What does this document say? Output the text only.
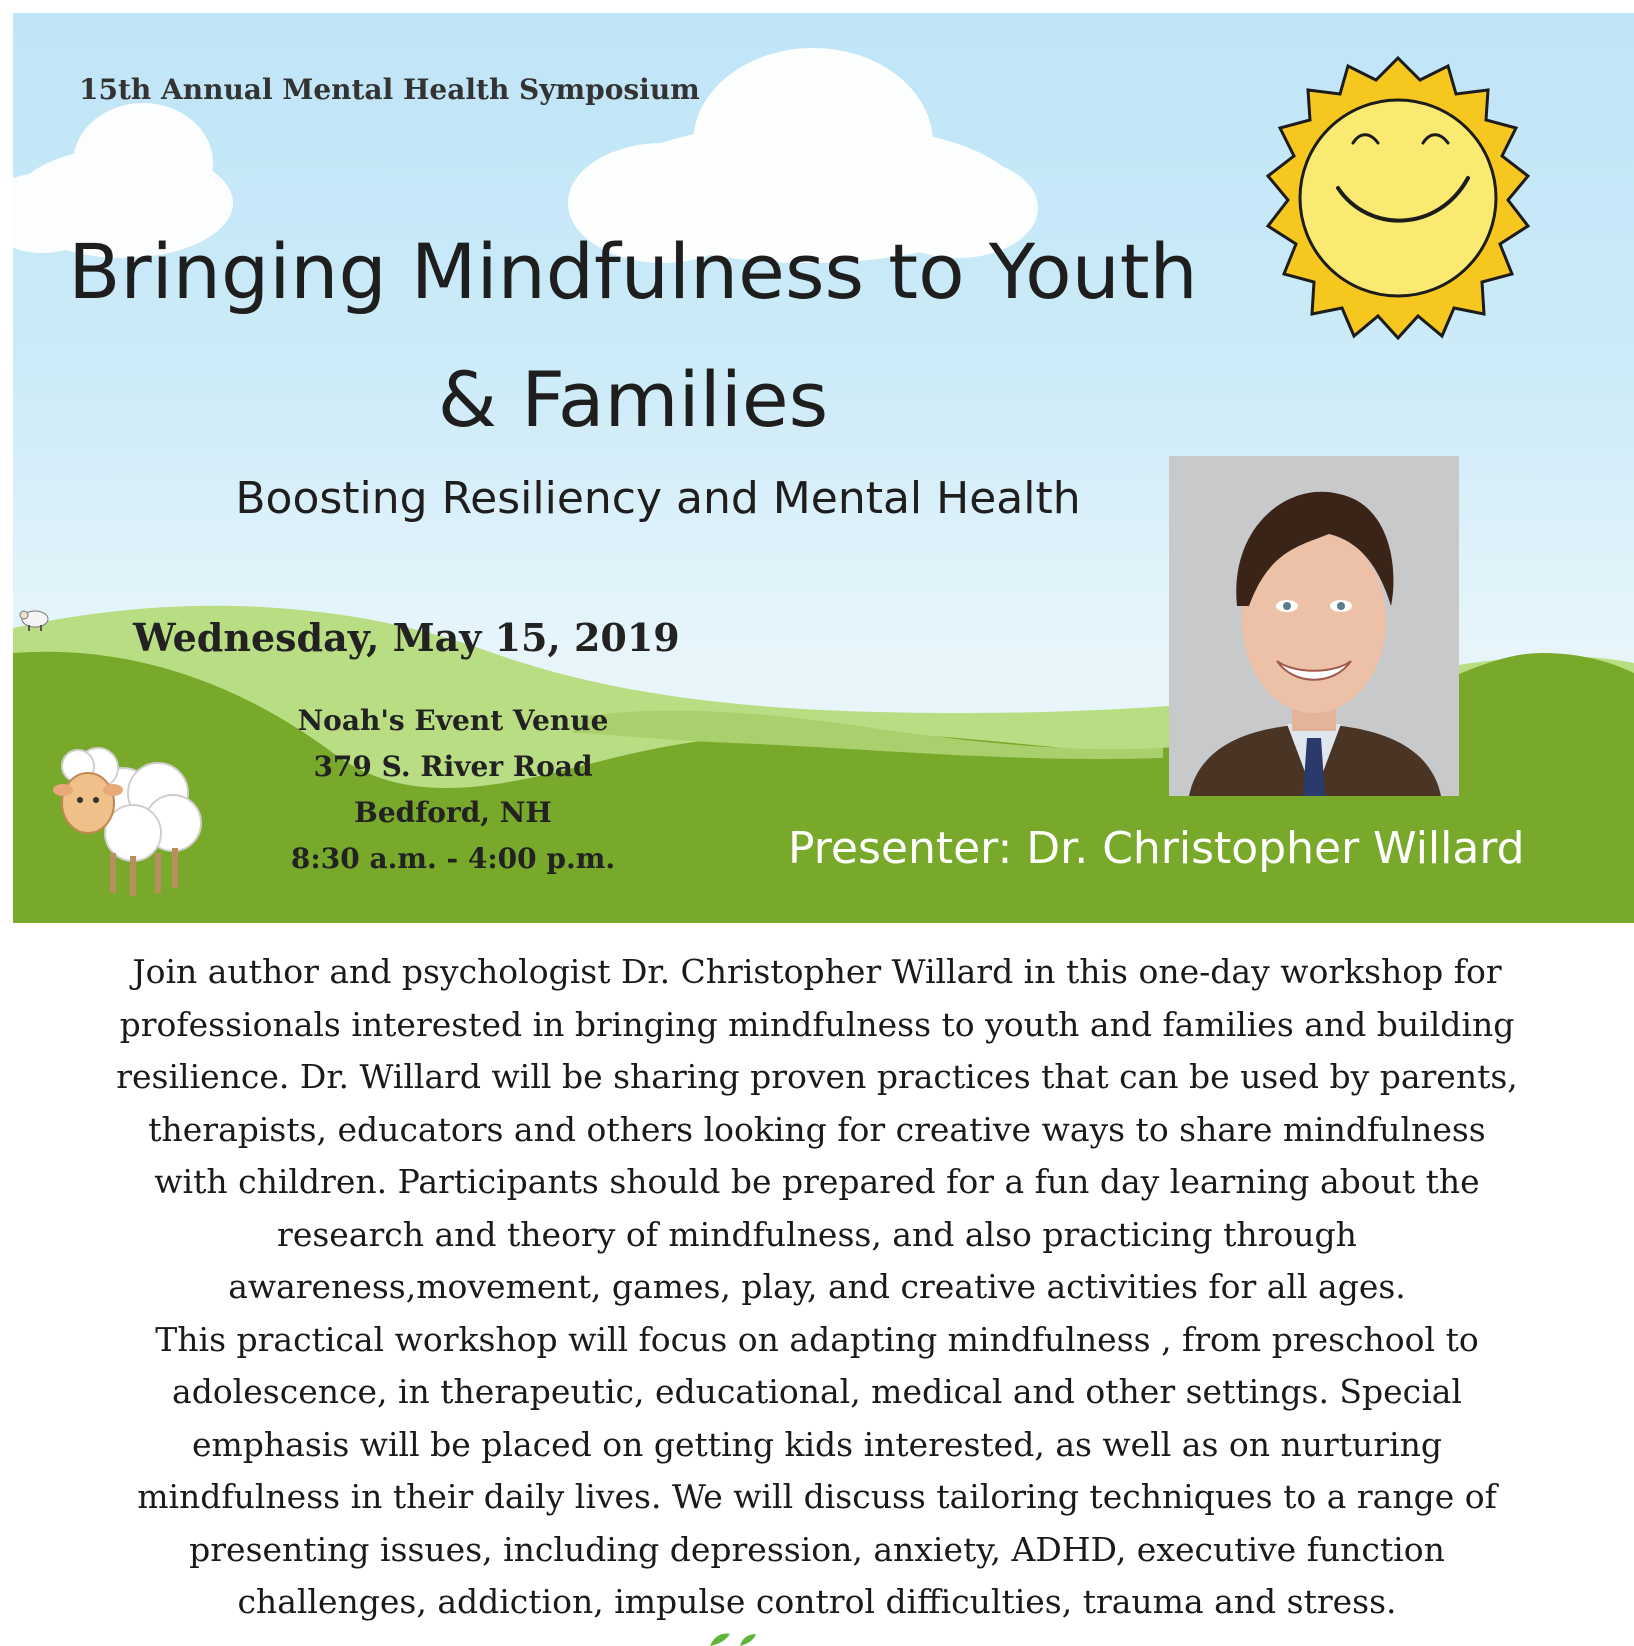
15th Annual Mental Health Symposium

Bringing Mindfulness to Youth
& Families
Boosting Resiliency and Mental Health

Wednesday, May 15, 2019

Noah's Event Venue
379 S. River Road
Bedford, NH
8:30 a.m. - 4:00 p.m.	Presenter: Dr. Christopher Willard

Join author and psychologist Dr. Christopher Willard in this one-day workshop for
professionals interested in bringing mindfulness to youth and families and building
resilience. Dr. Willard will be sharing proven practices that can be used by parents,
therapists, educators and others looking for creative ways to share mindfulness
with children. Participants should be prepared for a fun day learning about the
research and theory of mindfulness, and also practicing through
awareness,movement, games, play, and creative activities for all ages.
This practical workshop will focus on adapting mindfulness , from preschool to
adolescence, in therapeutic, educational, medical and other settings. Special
emphasis will be placed on getting kids interested, as well as on nurturing
mindfulness in their daily lives. We will discuss tailoring techniques to a range of
presenting issues, including depression, anxiety, ADHD, executive function
challenges, addiction, impulse control difficulties, trauma and stress.
